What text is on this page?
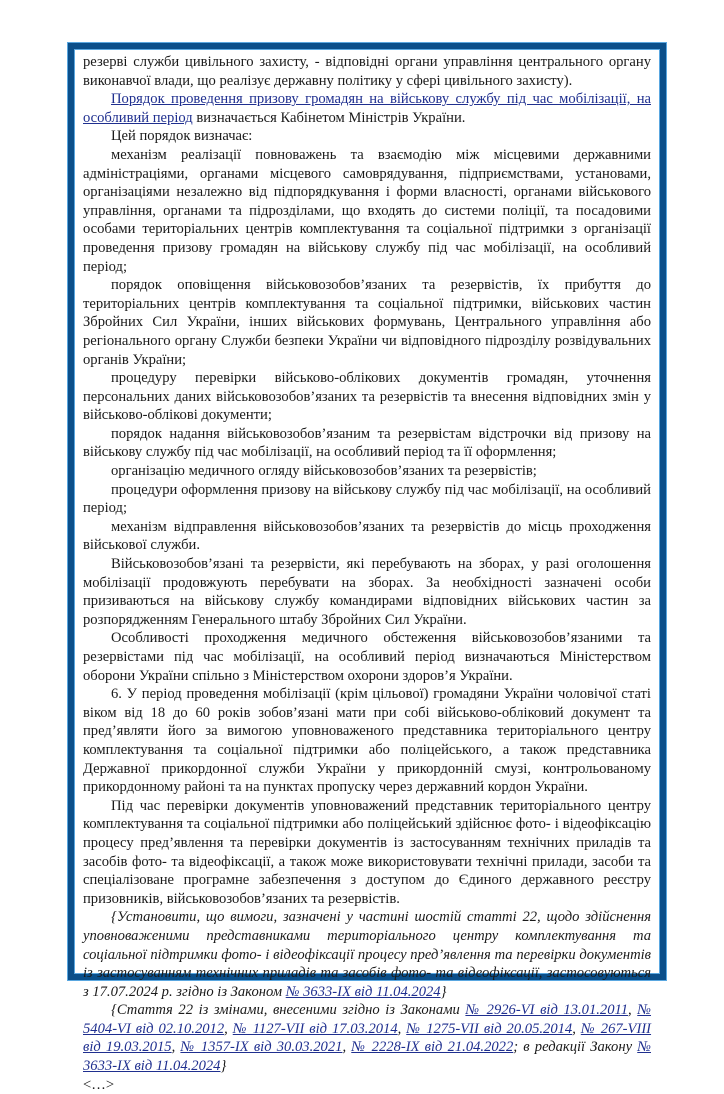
резерві служби цивільного захисту, - відповідні органи управління центрального органу виконавчої влади, що реалізує державну політику у сфері цивільного захисту).

Порядок проведення призову громадян на військову службу під час мобілізації, на особливий період визначається Кабінетом Міністрів України.

Цей порядок визначає:

механізм реалізації повноважень та взаємодію між місцевими державними адміністраціями, органами місцевого самоврядування, підприємствами, установами, організаціями незалежно від підпорядкування і форми власності, органами військового управління, органами та підрозділами, що входять до системи поліції, та посадовими особами територіальних центрів комплектування та соціальної підтримки з організації проведення призову громадян на військову службу під час мобілізації, на особливий період;

порядок оповіщення військовозобов’язаних та резервістів, їх прибуття до територіальних центрів комплектування та соціальної підтримки, військових частин Збройних Сил України, інших військових формувань, Центрального управління або регіонального органу Служби безпеки України чи відповідного підрозділу розвідувальних органів України;

процедуру перевірки військово-облікових документів громадян, уточнення персональних даних військовозобов’язаних та резервістів та внесення відповідних змін у військово-облікові документи;

порядок надання військовозобов’язаним та резервістам відстрочки від призову на військову службу під час мобілізації, на особливий період та її оформлення;

організацію медичного огляду військовозобов’язаних та резервістів;

процедури оформлення призову на військову службу під час мобілізації, на особливий період;

механізм відправлення військовозобов’язаних та резервістів до місць проходження військової служби.

Військовозобов’язані та резервісти, які перебувають на зборах, у разі оголошення мобілізації продовжують перебувати на зборах. За необхідності зазначені особи призиваються на військову службу командирами відповідних військових частин за розпорядженням Генерального штабу Збройних Сил України.

Особливості проходження медичного обстеження військовозобов’язаними та резервістами під час мобілізації, на особливий період визначаються Міністерством оборони України спільно з Міністерством охорони здоров’я України.

6. У період проведення мобілізації (крім цільової) громадяни України чоловічої статі віком від 18 до 60 років зобов’язані мати при собі військово-обліковий документ та пред’являти його за вимогою уповноваженого представника територіального центру комплектування та соціальної підтримки або поліцейського, а також представника Державної прикордонної служби України у прикордонній смузі, контрольованому прикордонному районі та на пунктах пропуску через державний кордон України.

Під час перевірки документів уповноважений представник територіального центру комплектування та соціальної підтримки або поліцейський здійснює фото- і відеофіксацію процесу пред’явлення та перевірки документів із застосуванням технічних приладів та засобів фото- та відеофіксації, а також може використовувати технічні прилади, засоби та спеціалізоване програмне забезпечення з доступом до Єдиного державного реєстру призовників, військовозобов’язаних та резервістів.

{Установити, що вимоги, зазначені у частині шостій статті 22, щодо здійснення уповноваженими представниками територіального центру комплектування та соціальної підтримки фото- і відеофіксації процесу пред’явлення та перевірки документів із застосуванням технічних приладів та засобів фото- та відеофіксації, застосовуються з 17.07.2024 р. згідно із Законом № 3633-IX від 11.04.2024}

{Стаття 22 із змінами, внесеними згідно із Законами № 2926-VI від 13.01.2011, № 5404-VI від 02.10.2012, № 1127-VII від 17.03.2014, № 1275-VII від 20.05.2014, № 267-VIII від 19.03.2015, № 1357-IX від 30.03.2021, № 2228-IX від 21.04.2022; в редакції Закону № 3633-IX від 11.04.2024}

<…>
